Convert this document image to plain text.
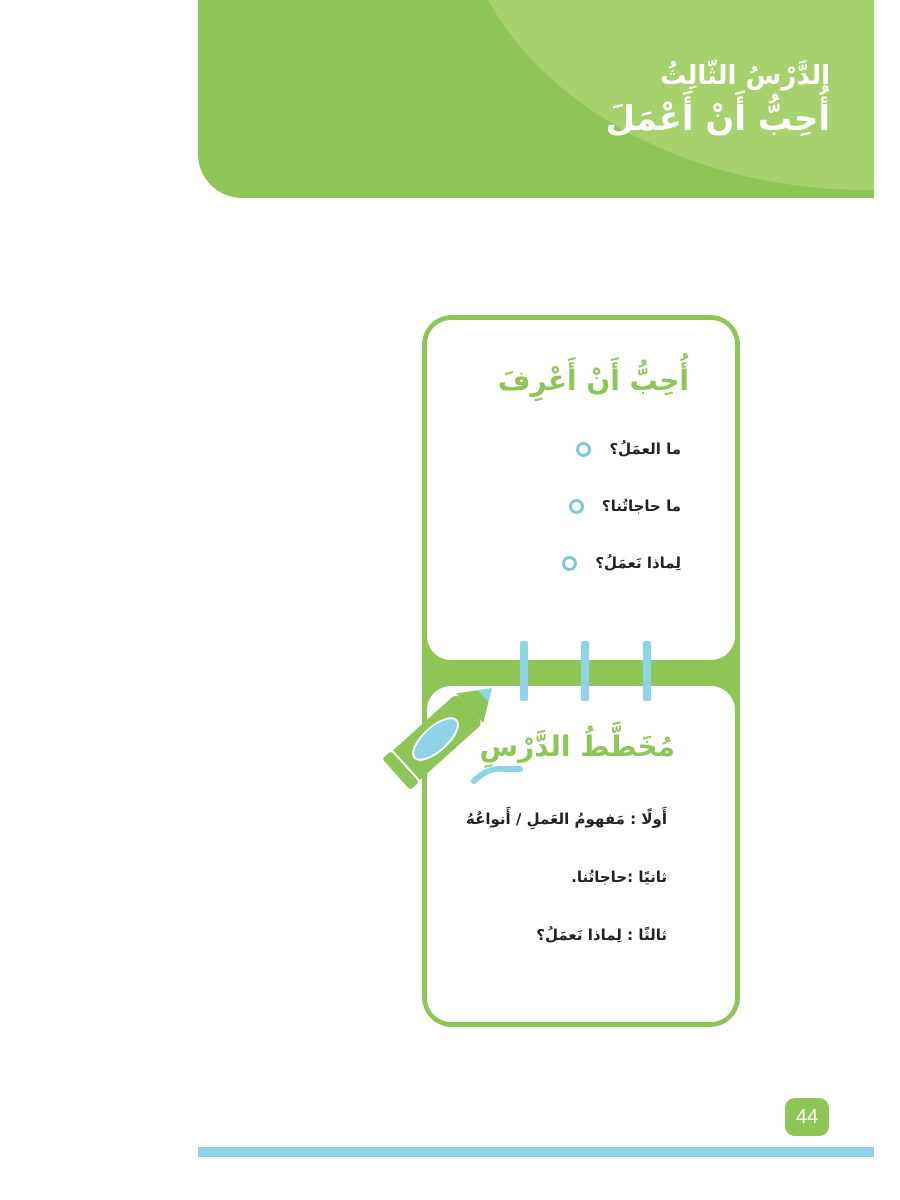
الدَّرْسُ الثّالِثُ
أُحِبُّ أَنْ أَعْمَلَ
أُحِبُّ أَنْ أَعْرِفَ
ما العمَلُ؟
ما حاجاتُنا؟
لِماذا نَعمَلُ؟
مُخَطَّطُ الدَّرْسِ
أَولًا : مَفهومُ العَملِ / أَنواعُهُ
ثانيًا :حاجاتُنا.
ثالثًا : لِماذا نَعمَلُ؟
44
